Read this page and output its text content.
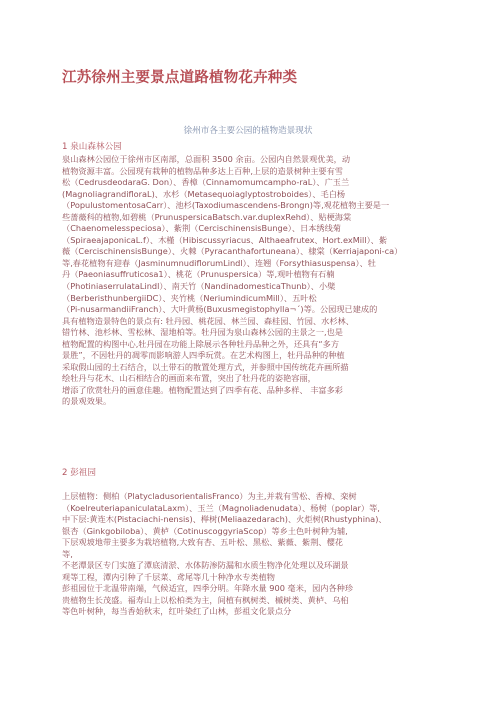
江苏徐州主要景点道路植物花卉种类
徐州市各主要公园的植物造景现状
1 泉山森林公园
泉山森林公园位于徐州市区南部，总面积 3500 余亩。公园内自然景观优美，动
植物资源丰富。公园现有栽种的植物品种多达上百种,上层的造景树种主要有雪
松（CedrusdeodaraG. Don）、香樟（Cinnamomumcampho-raL）、广玉兰
(MagnoliagrandifloraL)、水杉（Metasequoiaglyptostroboides）、毛白杨
（PopulustomentosaCarr）、池杉(Taxodiumascendens-Brongn)等,观花植物主要是一
些蔷薇科的植物,如碧桃（PrunuspersicaBatsch.var.duplexRehd）、贴梗海棠
（Chaenomelesspeciosa）、紫荆（CercischinensisBunge）、日本绣线菊
（SpiraeajaponicaL.f）、木槿（Hibiscussyriacus、Althaeafrutex、Hort.exMill）、紫
薇（CercischinensisBunge）、火棘（Pyracanthafortuneana）、棣棠（Kerriajaponi-ca）
等,春花植物有迎春（JasminumnudiflorumLindl）、连翘（Forsythiasuspensa）、牡
丹（Paeoniasuffruticosa1）、桃花（Prunuspersica）等,观叶植物有石楠
（PhotiniaserrulataLindl）、南天竹（NandinadomesticaThunb）、小檗
（BerberisthunbergiiDC）、夹竹桃（NeriumindicumMill）、五叶松
（Pi-nusarmandiiFranch）、大叶黄杨(Buxusmegistophylla¬´)等。公园现已建成的
具有植物造景特色的景点有: 牡丹园、桃花园、林兰园、森桂园、竹园、水杉林、
错竹林、池杉林、雪松林、湿地柏等。牡丹园为泉山森林公园的主景之一,也是
植物配置的构图中心,牡丹园在功能上除展示各种牡丹品种之外，还具有“多方
景胜”，不因牡丹的凋零而影响游人四季玩赏。在艺术构图上，牡丹品种的种植
采取假山园的土石结合，以土带石的散置处理方式，并参照中国传统花卉画所描
绘牡丹与花木、山石相结合的画面来布置，突出了牡丹花的姿艳容丽，
增添了欣赏牡丹的画意佳趣。植物配置达到了四季有花、品种多样、 丰富多彩
的景观效果。
2 彭祖园
上层植物：侧柏（PlatycladusorientalisFranco）为主,并栽有雪松、香樟、栾树
（KoelreuteriapaniculataLaxm）、玉兰（Magnoliadenudata）、杨树（poplar）等,
中下层:黄连木(Pistaciachi-nensis)、榉树(Meliaazedarach)、火炬树(Rhustyphina)、
银杏（Ginkgobiloba）、黄栌（CotinuscoggyriaScop）等乡土色叶树种为辅,
下层观坡地带主要多为栽培植物,大致有杏、五叶松、黑松、紫薇、紫荆、樱花
等,
不老潭景区专门实施了潭底清淤、水体防渗防漏和水质生物净化处理以及环湖景
观等工程，潭内引种了千层菜、鸢尾等几十种净水专类植物
彭祖园位于北温带南端，气候适宜，四季分明。年降水量 900 毫米，园内各种珍
贵植物生长茂盛。福寿山上以松柏类为主，间植有枫树类、槭树类、黄栌、乌桕
等色叶树种，每当香始秋末，红叶染红了山林，彭祖文化景点分
